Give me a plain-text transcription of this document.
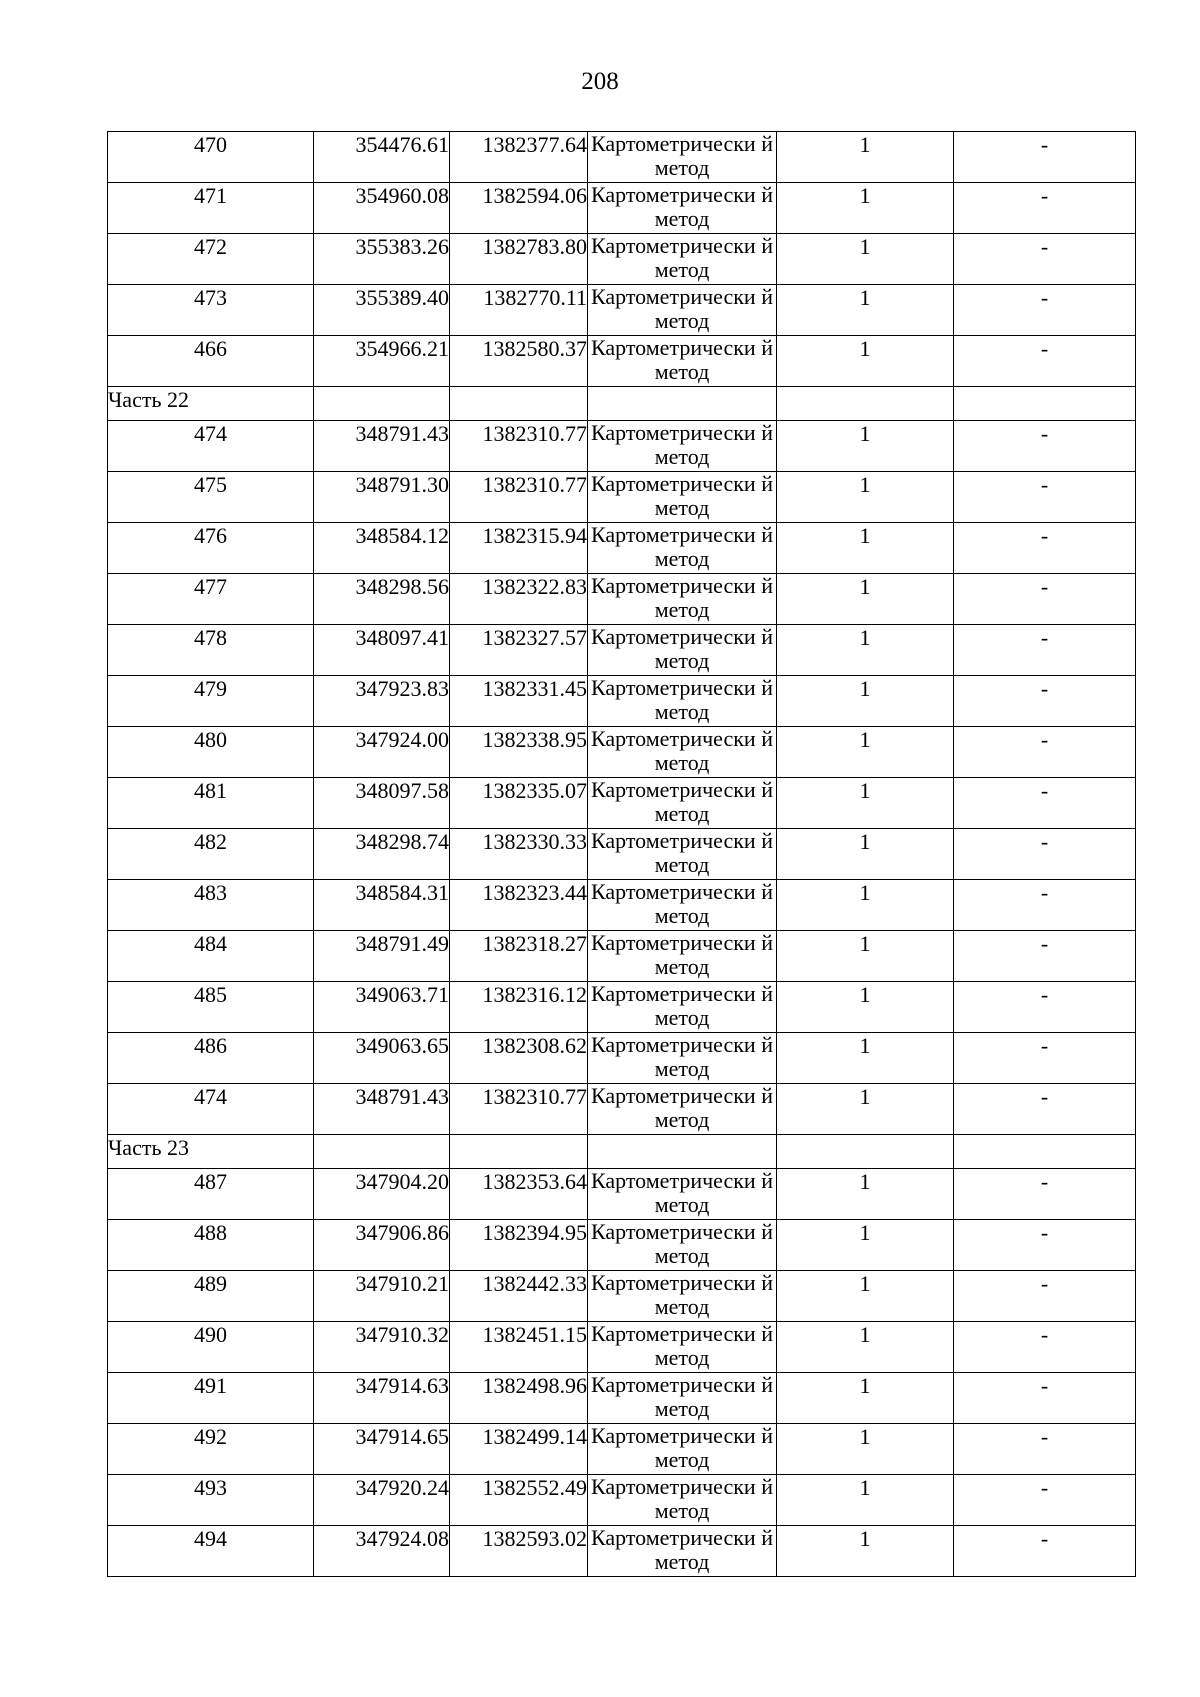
208
470	354476.61	1382377.64	Картометрически й метод	1	-
471	354960.08	1382594.06	Картометрически й метод	1	-
472	355383.26	1382783.80	Картометрически й метод	1	-
473	355389.40	1382770.11	Картометрически й метод	1	-
466	354966.21	1382580.37	Картометрически й метод	1	-
Часть 22					
474	348791.43	1382310.77	Картометрически й метод	1	-
475	348791.30	1382310.77	Картометрически й метод	1	-
476	348584.12	1382315.94	Картометрически й метод	1	-
477	348298.56	1382322.83	Картометрически й метод	1	-
478	348097.41	1382327.57	Картометрически й метод	1	-
479	347923.83	1382331.45	Картометрически й метод	1	-
480	347924.00	1382338.95	Картометрически й метод	1	-
481	348097.58	1382335.07	Картометрически й метод	1	-
482	348298.74	1382330.33	Картометрически й метод	1	-
483	348584.31	1382323.44	Картометрически й метод	1	-
484	348791.49	1382318.27	Картометрически й метод	1	-
485	349063.71	1382316.12	Картометрически й метод	1	-
486	349063.65	1382308.62	Картометрически й метод	1	-
474	348791.43	1382310.77	Картометрически й метод	1	-
Часть 23					
487	347904.20	1382353.64	Картометрически й метод	1	-
488	347906.86	1382394.95	Картометрически й метод	1	-
489	347910.21	1382442.33	Картометрически й метод	1	-
490	347910.32	1382451.15	Картометрически й метод	1	-
491	347914.63	1382498.96	Картометрически й метод	1	-
492	347914.65	1382499.14	Картометрически й метод	1	-
493	347920.24	1382552.49	Картометрически й метод	1	-
494	347924.08	1382593.02	Картометрически й метод	1	-
